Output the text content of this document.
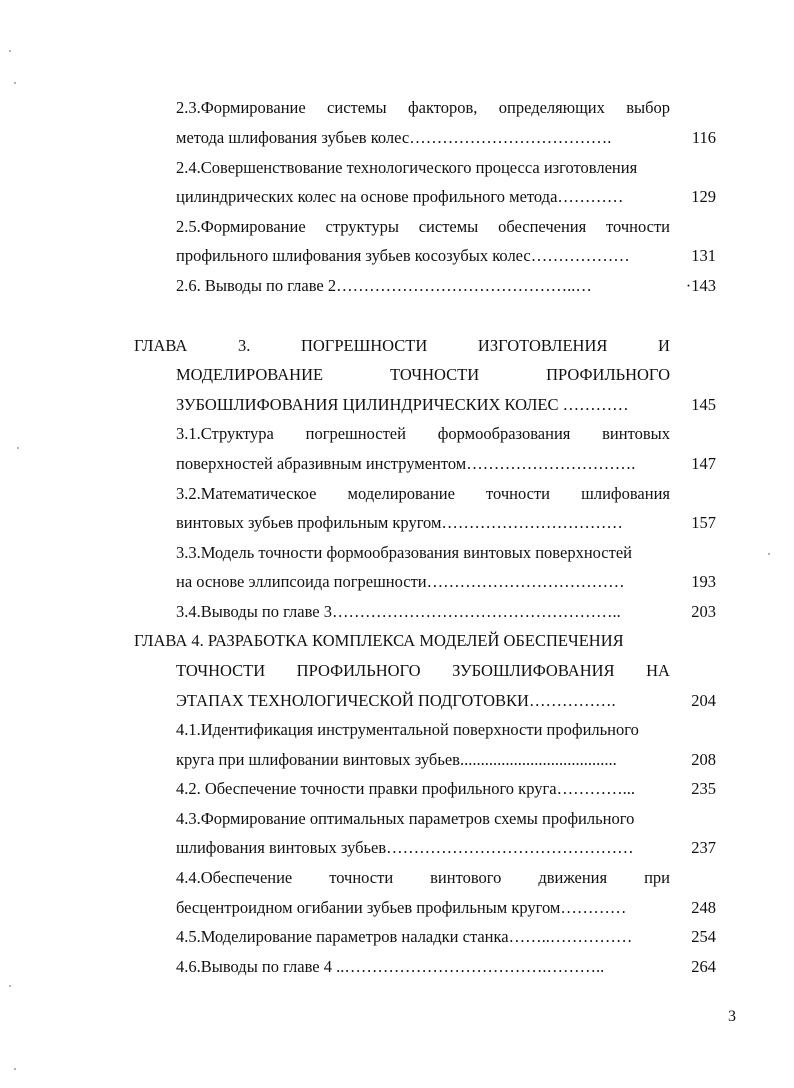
2.3.Формирование системы факторов, определяющих выбор
метода шлифования зубьев колес……………………………….	116
2.4.Совершенствование технологического процесса изготовления
цилиндрических колес на основе профильного метода…………	129
2.5.Формирование структуры системы обеспечения точности
профильного шлифования зубьев косозубых колес………………	131
2.6. Выводы по главе 2……………………………………..…	·143
ГЛАВА	3.	ПОГРЕШНОСТИ	ИЗГОТОВЛЕНИЯ	И
МОДЕЛИРОВАНИЕ	ТОЧНОСТИ	ПРОФИЛЬНОГО
ЗУБОШЛИФОВАНИЯ ЦИЛИНДРИЧЕСКИХ КОЛЕС …………	145
3.1.Структура погрешностей формообразования винтовых
поверхностей абразивным инструментом………………………….	147
3.2.Математическое моделирование точности шлифования
винтовых зубьев профильным кругом……………………………	157
3.3.Модель точности формообразования винтовых поверхностей
на основе эллипсоида погрешности………………………………	193
3.4.Выводы по главе 3……………………………………………..	203
ГЛАВА 4. РАЗРАБОТКА КОМПЛЕКСА МОДЕЛЕЙ ОБЕСПЕЧЕНИЯ
ТОЧНОСТИ ПРОФИЛЬНОГО ЗУБОШЛИФОВАНИЯ НА
ЭТАПАХ ТЕХНОЛОГИЧЕСКОЙ ПОДГОТОВКИ…………….	204
4.1.Идентификация инструментальной поверхности профильного
круга при шлифовании винтовых зубьев......................................	208
4.2. Обеспечение точности правки профильного круга…………...	235
4.3.Формирование оптимальных параметров схемы профильного
шлифования винтовых зубьев………………………………………	237
4.4.Обеспечение точности винтового движения при
бесцентроидном огибании зубьев профильным кругом…………	248
4.5.Моделирование параметров наладки станка……..……………	254
4.6.Выводы по главе 4 ..……………………………….………..	264
3
